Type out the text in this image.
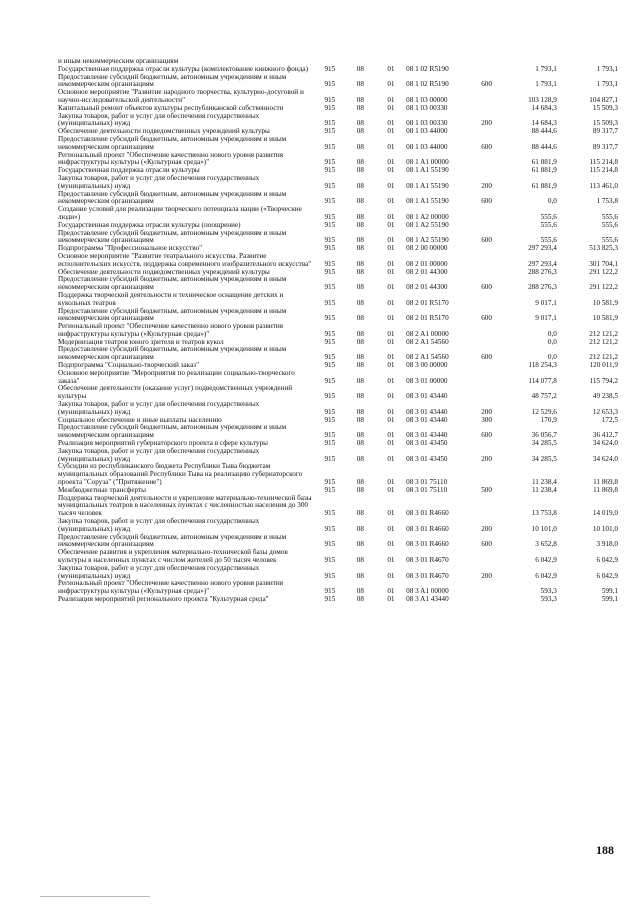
и иным некоммерческим организациям							
Государственная поддержка отрасли культуры (комплектование книжного фонда)	915	08	01	08 1 02 R5190		1 793,1	1 793,1
Предоставление субсидий бюджетным, автономным учреждениям и иным некоммерческим организациям	915	08	01	08 1 02 R5190	600	1 793,1	1 793,1
Основное мероприятие "Развитие народного творчества, культурно-досуговой и научно-исследовательской деятельности"	915	08	01	08 1 03 00000		103 128,9	104 827,1
Капитальный ремонт объектов культуры республиканской собственности	915	08	01	08 1 03 00330		14 684,3	15 509,3
Закупка товаров, работ и услуг для обеспечения государственных (муниципальных) нужд	915	08	01	08 1 03 00330	200	14 684,3	15 509,3
Обеспечение деятельности подведомственных учреждений культуры	915	08	01	08 1 03 44000		88 444,6	89 317,7
Предоставление субсидий бюджетным, автономным учреждениям и иным некоммерческим организациям	915	08	01	08 1 03 44000	600	88 444,6	89 317,7
Региональный проект "Обеспечение качественно нового уровня развития инфраструктуры культуры («Культурная среда»)"	915	08	01	08 1 A1 00000		61 881,9	115 214,8
Государственная поддержка отрасли культуры	915	08	01	08 1 A1 55190		61 881,9	115 214,8
Закупка товаров, работ и услуг для обеспечения государственных (муниципальных) нужд	915	08	01	08 1 A1 55190	200	61 881,9	113 461,0
Предоставление субсидий бюджетным, автономным учреждениям и иным некоммерческим организациям	915	08	01	08 1 A1 55190	600	0,0	1 753,8
Создание условий для реализации творческого потенциала нации («Творческие люди»)	915	08	01	08 1 A2 00000		555,6	555,6
Государственная поддержка отрасли культуры (поощрение)	915	08	01	08 1 A2 55190		555,6	555,6
Предоставление субсидий бюджетным, автономным учреждениям и иным некоммерческим организациям	915	08	01	08 1 A2 55190	600	555,6	555,6
Подпрограмма "Профессиональное искусство"	915	08	01	08 2 00 00000		297 293,4	513 825,3
Основное мероприятие "Развитие театрального искусства. Развитие исполнительских искусств, поддержка современного изобразительного искусства"	915	08	01	08 2 01 00000		297 293,4	301 704,1
Обеспечение деятельности подведомственных учреждений культуры	915	08	01	08 2 01 44300		288 276,3	291 122,2
Предоставление субсидий бюджетным, автономным учреждениям и иным некоммерческим организациям	915	08	01	08 2 01 44300	600	288 276,3	291 122,2
Поддержка творческой деятельности и техническое оснащение детских и кукольных театров	915	08	01	08 2 01 R5170		9 017,1	10 581,9
Предоставление субсидий бюджетным, автономным учреждениям и иным некоммерческим организациям	915	08	01	08 2 01 R5170	600	9 017,1	10 581,9
Региональный проект "Обеспечение качественно нового уровня развития инфраструктуры культуры («Культурная среда»)"	915	08	01	08 2 A1 00000		0,0	212 121,2
Модернизация театров юного зрителя и театров кукол	915	08	01	08 2 A1 54560		0,0	212 121,2
Предоставление субсидий бюджетным, автономным учреждениям и иным некоммерческим организациям	915	08	01	08 2 A1 54560	600	0,0	212 121,2
Подпрограмма "Социально-творческий заказ"	915	08	01	08 3 00 00000		118 254,3	120 011,9
Основное мероприятие "Мероприятия по реализации социально-творческого заказа"	915	08	01	08 3 01 00000		114 077,8	115 794,2
Обеспечение деятельности (оказание услуг) подведомственных учреждений культуры	915	08	01	08 3 01 43440		48 757,2	49 238,5
Закупка товаров, работ и услуг для обеспечения государственных (муниципальных) нужд	915	08	01	08 3 01 43440	200	12 529,6	12 653,3
Социальное обеспечение и иные выплаты населению	915	08	01	08 3 01 43440	300	170,9	172,5
Предоставление субсидий бюджетным, автономным учреждениям и иным некоммерческим организациям	915	08	01	08 3 01 43440	600	36 056,7	36 412,7
Реализация мероприятий губернаторского проекта в сфере культуры	915	08	01	08 3 01 43450		34 285,5	34 624,0
Закупка товаров, работ и услуг для обеспечения государственных (муниципальных) нужд	915	08	01	08 3 01 43450	200	34 285,5	34 624,0
Субсидии из республиканского бюджета Республики Тыва бюджетам муниципальных образований Республики Тыва на реализацию губернаторского проекта "Соруза" ("Притяжение")	915	08	01	08 3 01 75110		11 238,4	11 869,8
Межбюджетные трансферты	915	08	01	08 3 01 75110	500	11 238,4	11 869,8
Поддержка творческой деятельности и укрепление материально-технической базы муниципальных театров в населенных пунктах с численностью населения до 300 тысяч человек	915	08	01	08 3 01 R4660		13 753,8	14 019,0
Закупка товаров, работ и услуг для обеспечения государственных (муниципальных) нужд	915	08	01	08 3 01 R4660	200	10 101,0	10 101,0
Предоставление субсидий бюджетным, автономным учреждениям и иным некоммерческим организациям	915	08	01	08 3 01 R4660	600	3 652,8	3 918,0
Обеспечение развития и укрепления материально-технической базы домов культуры в населенных пунктах с числом жителей до 50 тысяч человек	915	08	01	08 3 01 R4670		6 042,9	6 042,9
Закупка товаров, работ и услуг для обеспечения государственных (муниципальных) нужд	915	08	01	08 3 01 R4670	200	6 042,9	6 042,9
Региональный проект "Обеспечение качественно нового уровня развития инфраструктуры культуры («Культурная среда»)"	915	08	01	08 3 A1 00000		593,3	599,1
Реализация мероприятий регионального проекта "Культурная среда"	915	08	01	08 3 A1 43440		593,3	599,1
188
